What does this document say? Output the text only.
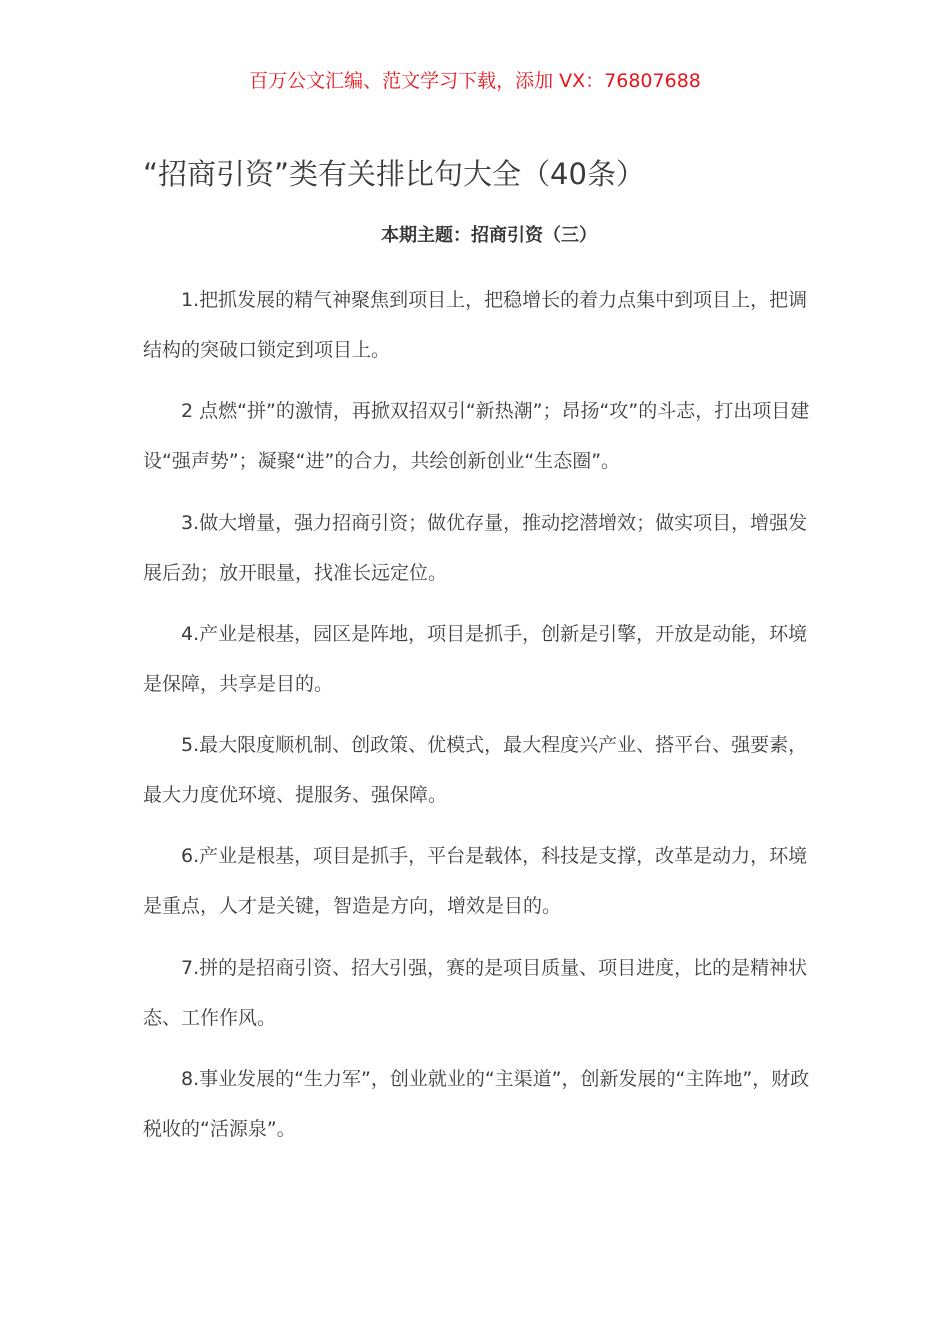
百万公文汇编、范文学习下载，添加 VX：76807688
“招商引资”类有关排比句大全（40条）
本期主题：招商引资（三）

1.把抓发展的精气神聚焦到项目上，把稳增长的着力点集中到项目上，把调结构的突破口锁定到项目上。

2 点燃“拼”的激情，再掀双招双引“新热潮”；昂扬“攻”的斗志，打出项目建设“强声势”；凝聚“进”的合力，共绘创新创业“生态圈”。

3.做大增量，强力招商引资；做优存量，推动挖潜增效；做实项目，增强发展后劲；放开眼量，找准长远定位。

4.产业是根基，园区是阵地，项目是抓手，创新是引擎，开放是动能，环境是保障，共享是目的。

5.最大限度顺机制、创政策、优模式，最大程度兴产业、搭平台、强要素，最大力度优环境、提服务、强保障。

6.产业是根基，项目是抓手，平台是载体，科技是支撑，改革是动力，环境是重点，人才是关键，智造是方向，增效是目的。

7.拼的是招商引资、招大引强，赛的是项目质量、项目进度，比的是精神状态、工作作风。

8.事业发展的“生力军”，创业就业的“主渠道”，创新发展的“主阵地”，财政税收的“活源泉”。
